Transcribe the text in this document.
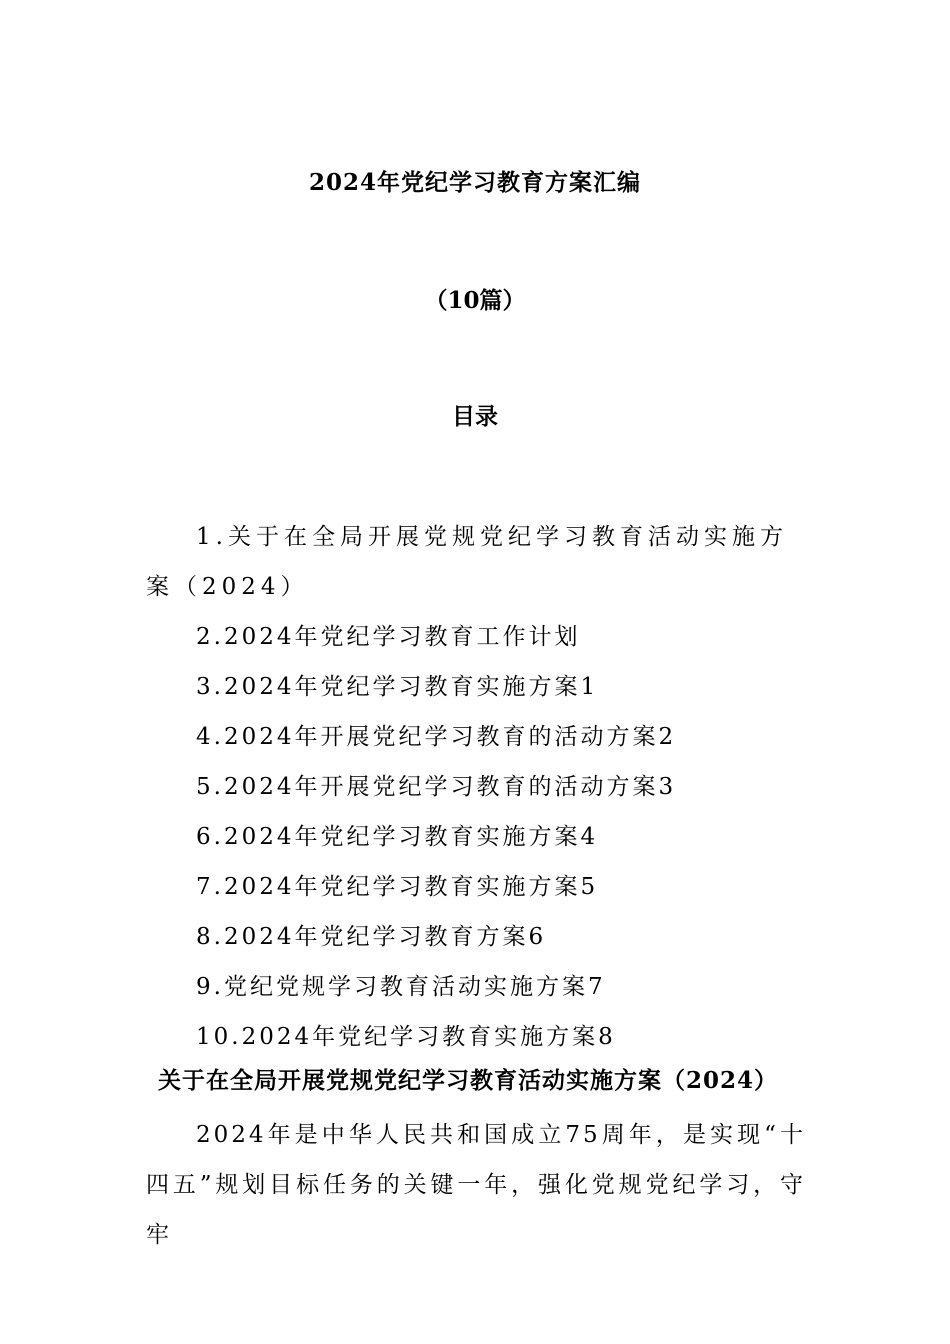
2024年党纪学习教育方案汇编
（10篇）
目录
1.关于在全局开展党规党纪学习教育活动实施方案（2024）
2.2024年党纪学习教育工作计划
3.2024年党纪学习教育实施方案1
4.2024年开展党纪学习教育的活动方案2
5.2024年开展党纪学习教育的活动方案3
6.2024年党纪学习教育实施方案4
7.2024年党纪学习教育实施方案5
8.2024年党纪学习教育方案6
9.党纪党规学习教育活动实施方案7
10.2024年党纪学习教育实施方案8
关于在全局开展党规党纪学习教育活动实施方案（2024）
2024年是中华人民共和国成立75周年，是实现“十四五”规划目标任务的关键一年，强化党规党纪学习，守牢
